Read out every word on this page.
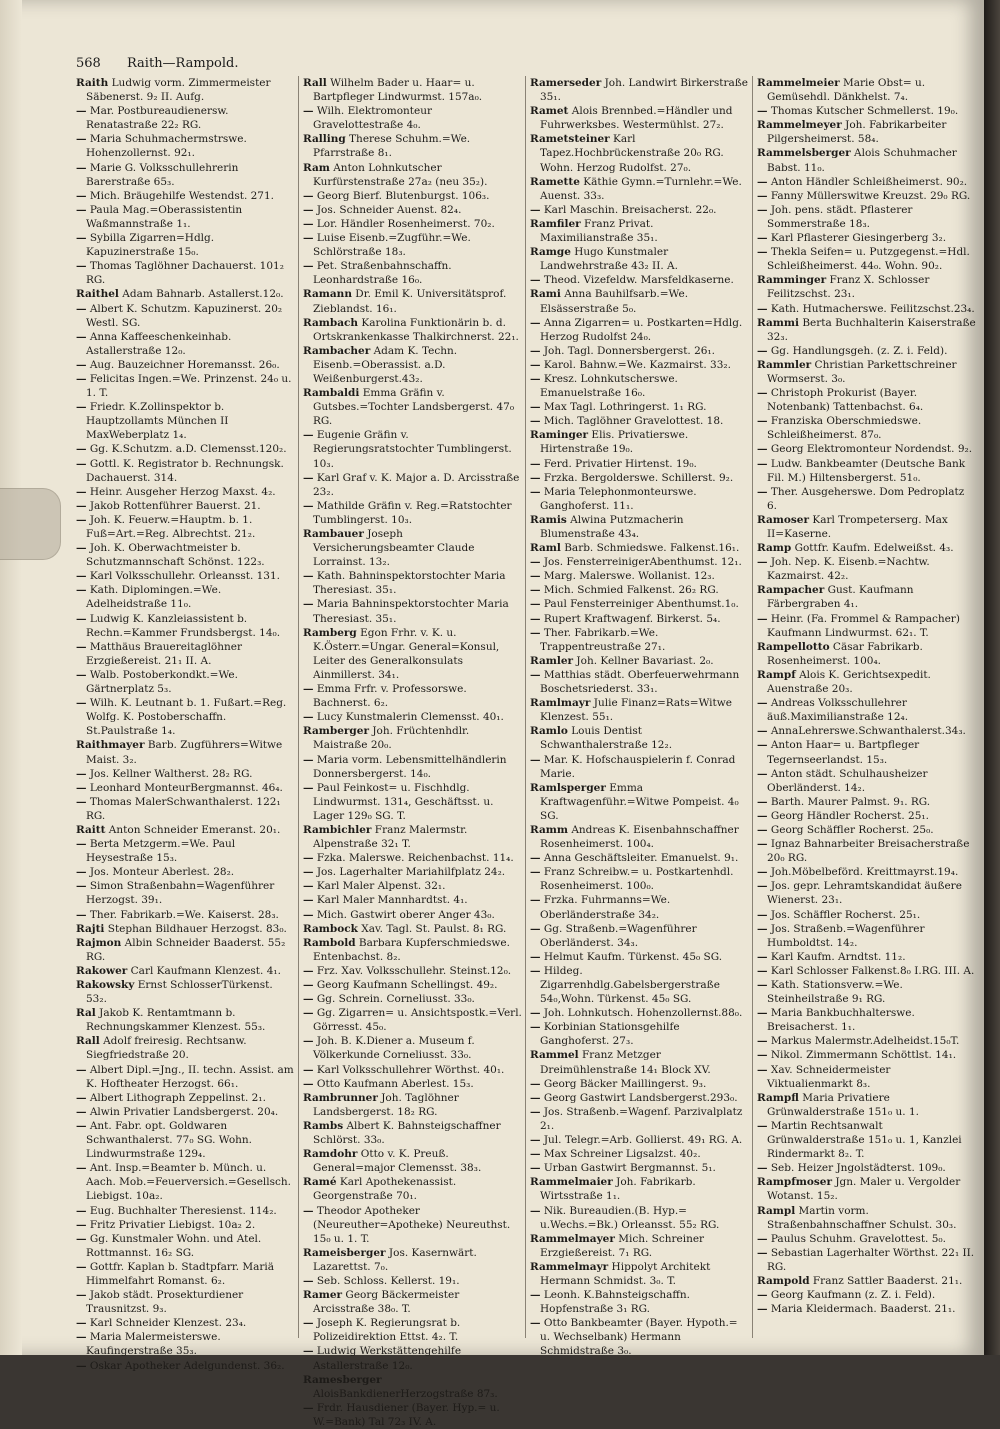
568 Raith—Rampold.
Raith Ludwig vorm. Zimmermeister Säbenerst. 9₂ II. Aufg.
— Mar. Postbureaudienersw. Renatastraße 22₂ RG.
— Maria Schuhmachermstrswe. Hohenzollernst. 92₁.
— Marie G. Volksschullehrerin Barerstraße 65₃.
— Mich. Bräugehilfe Westendst. 271.
— Paula Mag.=Oberassistentin Waßmannstraße 1₁.
— Sybilla Zigarren=Hdlg. Kapuzinerstraße 15₀.
— Thomas Taglöhner Dachauerst. 101₂ RG.
Raithel Adam Bahnarb. Astallerst.12₀.
— Albert K. Schutzm. Kapuzinerst. 20₂ Westl. SG.
— Anna Kaffeeschenkeinhab. Astallerstraße 12₀.
— Aug. Bauzeichner Horemansst. 26₀.
— Felicitas Ingen.=We. Prinzenst. 24₀ u. 1. T.
— Friedr. K.Zollinspektor b. Hauptzollamts München II MaxWeberplatz 1₄.
— Gg. K.Schutzm. a.D. Clemensst.120₂.
— Gottl. K. Registrator b. Rechnungsk. Dachauerst. 314.
— Heinr. Ausgeher Herzog Maxst. 4₂.
— Jakob Rottenführer Bauerst. 21.
— Joh. K. Feuerw.=Hauptm. b. 1. Fuß=Art.=Reg. Albrechtst. 21₂.
— Joh. K. Oberwachtmeister b. Schutzmannschaft Schönst. 122₃.
— Karl Volksschullehr. Orleansst. 131.
— Kath. Diplomingen.=We. Adelheidstraße 11₀.
— Ludwig K. Kanzleiassistent b. Rechn.=Kammer Frundsbergst. 14₀.
— Matthäus Brauereitaglöhner Erzgießereist. 21₁ II. A.
— Walb. Postoberkondkt.=We. Gärtnerplatz 5₃.
— Wilh. K. Leutnant b. 1. Fußart.=Reg. Wolfg. K. Postoberschaffn. St.Paulstraße 1₄.
Raithmayer Barb. Zugführers=Witwe Maist. 3₂.
— Jos. Kellner Waltherst. 28₂ RG.
— Leonhard MonteurBergmannst. 46₄.
— Thomas MalerSchwanthalerst. 122₁ RG.
Raitt Anton Schneider Emeranst. 20₁.
— Berta Metzgerm.=We. Paul Heysestraße 15₃.
— Jos. Monteur Aberlest. 28₂.
— Simon Straßenbahn=Wagenführer Herzogst. 39₁.
— Ther. Fabrikarb.=We. Kaiserst. 28₃.
Rajti Stephan Bildhauer Herzogst. 83₀.
Rajmon Albin Schneider Baaderst. 55₂ RG.
Rakower Carl Kaufmann Klenzest. 4₁.
Rakowsky Ernst SchlosserTürkenst. 53₂.
Ral Jakob K. Rentamtmann b. Rechnungskammer Klenzest. 55₃.
Rall Adolf freiresig. Rechtsanw. Siegfriedstraße 20.
— Albert Dipl.=Jng., II. techn. Assist. am K. Hoftheater Herzogst. 66₁.
— Albert Lithograph Zeppelinst. 2₁.
— Alwin Privatier Landsbergerst. 20₄.
— Ant. Fabr. opt. Goldwaren Schwanthalerst. 77₀ SG. Wohn. Lindwurmstraße 129₄.
— Ant. Insp.=Beamter b. Münch. u. Aach. Mob.=Feuerversich.=Gesellsch. Liebigst. 10a₂.
— Eug. Buchhalter Theresienst. 114₂.
— Fritz Privatier Liebigst. 10a₂ 2.
— Gg. Kunstmaler Wohn. und Atel. Rottmannst. 16₂ SG.
— Gottfr. Kaplan b. Stadtpfarr. Mariä Himmelfahrt Romanst. 6₂.
— Jakob städt. Prosekturdiener Trausnitzst. 9₃.
— Karl Schneider Klenzest. 23₄.
— Maria Malermeisterswe. Kaufingerstraße 35₃.
— Oskar Apotheker Adelgundenst. 36₂.
Rall Wilhelm Bader u. Haar= u. Bartpfleger Lindwurmst. 157a₀.
— Wilh. Elektromonteur Gravelottestraße 4₀.
Ralling Therese Schuhm.=We. Pfarrstraße 8₁.
Ram Anton Lohnkutscher Kurfürstenstraße 27a₂ (neu 35₂).
— Georg Bierf. Blutenburgst. 106₃.
— Jos. Schneider Auenst. 82₄.
— Lor. Händler Rosenheimerst. 70₂.
— Luise Eisenb.=Zugführ.=We. Schlörstraße 18₃.
— Pet. Straßenbahnschaffn. Leonhardstraße 16₀.
Ramann Dr. Emil K. Universitätsprof. Zieblandst. 16₁.
Rambach Karolina Funktionärin b. d. Ortskrankenkasse Thalkirchnerst. 22₁.
Rambacher Adam K. Techn. Eisenb.=Oberassist. a.D. Weißenburgerst.43₂.
Rambaldi Emma Gräfin v. Gutsbes.=Tochter Landsbergerst. 47₀ RG.
— Eugenie Gräfin v. Regierungsratstochter Tumblingerst. 10₃.
— Karl Graf v. K. Major a. D. Arcisstraße 23₂.
— Mathilde Gräfin v. Reg.=Ratstochter Tumblingerst. 10₃.
Rambauer Joseph Versicherungsbeamter Claude Lorrainst. 13₂.
— Kath. Bahninspektorstochter Maria Theresiast. 35₁.
— Maria Bahninspektorstochter Maria Theresiast. 35₁.
Ramberg Egon Frhr. v. K. u. K.Österr.=Ungar. General=Konsul, Leiter des Generalkonsulats Ainmillerst. 34₁.
— Emma Frfr. v. Professorswe. Bachnerst. 6₂.
— Lucy Kunstmalerin Clemensst. 40₁.
Ramberger Joh. Früchtenhdlr. Maistraße 20₀.
— Maria vorm. Lebensmittelhändlerin Donnersbergerst. 14₀.
— Paul Feinkost= u. Fischhdlg. Lindwurmst. 131₄, Geschäftsst. u. Lager 129₀ SG. T.
Rambichler Franz Malermstr. Alpenstraße 32₁ T.
— Fzka. Malerswe. Reichenbachst. 11₄.
— Jos. Lagerhalter Mariahilfplatz 24₂.
— Karl Maler Alpenst. 32₁.
— Karl Maler Mannhardtst. 4₁.
— Mich. Gastwirt oberer Anger 43₀.
Rambock Xav. Tagl. St. Paulst. 8₁ RG.
Rambold Barbara Kupferschmiedswe. Entenbachst. 8₂.
— Frz. Xav. Volksschullehr. Steinst.12₀.
— Georg Kaufmann Schellingst. 49₂.
— Gg. Schrein. Corneliusst. 33₀.
— Gg. Zigarren= u. Ansichtspostk.=Verl. Görresst. 45₀.
— Joh. B. K.Diener a. Museum f. Völkerkunde Corneliusst. 33₀.
— Karl Volksschullehrer Wörthst. 40₁.
— Otto Kaufmann Aberlest. 15₃.
Rambrunner Joh. Taglöhner Landsbergerst. 18₂ RG.
Rambs Albert K. Bahnsteigschaffner Schlörst. 33₀.
Ramdohr Otto v. K. Preuß. General=major Clemensst. 38₃.
Ramé Karl Apothekenassist. Georgenstraße 70₁.
— Theodor Apotheker (Neureuther=Apotheke) Neureuthst. 15₀ u. 1. T.
Rameisberger Jos. Kasernwärt. Lazarettst. 7₀.
— Seb. Schloss. Kellerst. 19₁.
Ramer Georg Bäckermeister Arcisstraße 38₀. T.
— Joseph K. Regierungsrat b. Polizeidirektion Ettst. 4₂. T.
— Ludwig Werkstättengehilfe Astallerstraße 12₀.
Ramesberger AloisBankdienerHerzogstraße 87₃.
— Frdr. Hausdiener (Bayer. Hyp.= u. W.=Bank) Tal 72₃ IV. A.
Ramerseder Joh. Landwirt Birkerstraße 35₁.
Ramet Alois Brennbed.=Händler und Fuhrwerksbes. Westermühlst. 27₂.
Rametsteiner Karl Tapez.Hochbrückenstraße 20₀ RG. Wohn. Herzog Rudolfst. 27₀.
Ramette Käthie Gymn.=Turnlehr.=We. Auenst. 33₃.
— Karl Maschin. Breisacherst. 22₀.
Ramfiler Franz Privat. Maximilianstraße 35₁.
Ramge Hugo Kunstmaler Landwehrstraße 43₂ II. A.
— Theod. Vizefeldw. Marsfeldkaserne.
Rami Anna Bauhilfsarb.=We. Elsässerstraße 5₀.
— Anna Zigarren= u. Postkarten=Hdlg. Herzog Rudolfst 24₀.
— Joh. Tagl. Donnersbergerst. 26₁.
— Karol. Bahnw.=We. Kazmairst. 33₂.
— Kresz. Lohnkutscherswe. Emanuelstraße 16₀.
— Max Tagl. Lothringerst. 1₁ RG.
— Mich. Taglöhner Gravelottest. 18.
Raminger Elis. Privatierswe. Hirtenstraße 19₀.
— Ferd. Privatier Hirtenst. 19₀.
— Frzka. Bergolderswe. Schillerst. 9₂.
— Maria Telephonmonteurswe. Ganghoferst. 11₁.
Ramis Alwina Putzmacherin Blumenstraße 43₄.
Raml Barb. Schmiedswe. Falkenst.16₁.
— Jos. FensterreinigerAbenthumst. 12₁.
— Marg. Malerswe. Wollanist. 12₃.
— Mich. Schmied Falkenst. 26₂ RG.
— Paul Fensterreiniger Abenthumst.1₀.
— Rupert Kraftwagenf. Birkerst. 5₄.
— Ther. Fabrikarb.=We. Trappentreustraße 27₁.
Ramler Joh. Kellner Bavariast. 2₀.
— Matthias städt. Oberfeuerwehrmann Boschetsriederst. 33₁.
Ramlmayr Julie Finanz=Rats=Witwe Klenzest. 55₁.
Ramlo Louis Dentist Schwanthalerstraße 12₂.
— Mar. K. Hofschauspielerin f. Conrad Marie.
Ramlsperger Emma Kraftwagenführ.=Witwe Pompeist. 4₀ SG.
Ramm Andreas K. Eisenbahnschaffner Rosenheimerst. 100₄.
— Anna Geschäftsleiter. Emanuelst. 9₁.
— Franz Schreibw.= u. Postkartenhdl. Rosenheimerst. 100₀.
— Frzka. Fuhrmanns=We. Oberländerstraße 34₂.
— Gg. Straßenb.=Wagenführer Oberländerst. 34₃.
— Helmut Kaufm. Türkenst. 45₀ SG.
— Hildeg. Zigarrenhdlg.Gabelsbergerstraße 54₀,Wohn. Türkenst. 45₀ SG.
— Joh. Lohnkutsch. Hohenzollernst.88₀.
— Korbinian Stationsgehilfe Ganghoferst. 27₃.
Rammel Franz Metzger Dreimühlenstraße 14₁ Block XV.
— Georg Bäcker Maillingerst. 9₃.
— Georg Gastwirt Landsbergerst.293₀.
— Jos. Straßenb.=Wagenf. Parzivalplatz 2₁.
— Jul. Telegr.=Arb. Gollierst. 49₁ RG. A.
— Max Schreiner Ligsalzst. 40₂.
— Urban Gastwirt Bergmannst. 5₁.
Rammelmaier Joh. Fabrikarb. Wirtsstraße 1₁.
— Nik. Bureaudien.(B. Hyp.= u.Wechs.=Bk.) Orleansst. 55₂ RG.
Rammelmayer Mich. Schreiner Erzgießereist. 7₁ RG.
Rammelmayr Hippolyt Architekt Hermann Schmidst. 3₀. T.
— Leonh. K.Bahnsteigschaffn. Hopfenstraße 3₁ RG.
— Otto Bankbeamter (Bayer. Hypoth.= u. Wechselbank) Hermann Schmidstraße 3₀.
Rammelmeier Marie Obst= u. Gemüsehdl. Dänkhelst. 7₄.
— Thomas Kutscher Schmellerst. 19₀.
Rammelmeyer Joh. Fabrikarbeiter Pilgersheimerst. 58₄.
Rammelsberger Alois Schuhmacher Babst. 11₀.
— Anton Händler Schleißheimerst. 90₂.
— Fanny Müllerswitwe Kreuzst. 29₀ RG.
— Joh. pens. städt. Pflasterer Sommerstraße 18₃.
— Karl Pflasterer Giesingerberg 3₂.
— Thekla Seifen= u. Putzgegenst.=Hdl. Schleißheimerst. 44₀. Wohn. 90₂.
Ramminger Franz X. Schlosser Feilitzschst. 23₁.
— Kath. Hutmacherswe. Feilitzschst.23₄.
Rammi Berta Buchhalterin Kaiserstraße 32₃.
— Gg. Handlungsgeh. (z. Z. i. Feld).
Rammler Christian Parkettschreiner Wormserst. 3₀.
— Christoph Prokurist (Bayer. Notenbank) Tattenbachst. 6₄.
— Franziska Oberschmiedswe. Schleißheimerst. 87₀.
— Georg Elektromonteur Nordendst. 9₂.
— Ludw. Bankbeamter (Deutsche Bank Fil. M.) Hiltensbergerst. 51₀.
— Ther. Ausgeherswe. Dom Pedroplatz 6.
Ramoser Karl Trompeterserg. Max II=Kaserne.
Ramp Gottfr. Kaufm. Edelweißst. 4₃.
— Joh. Nep. K. Eisenb.=Nachtw. Kazmairst. 42₂.
Rampacher Gust. Kaufmann Färbergraben 4₁.
— Heinr. (Fa. Frommel & Rampacher) Kaufmann Lindwurmst. 62₁. T.
Rampellotto Cäsar Fabrikarb. Rosenheimerst. 100₄.
Rampf Alois K. Gerichtsexpedit. Auenstraße 20₃.
— Andreas Volksschullehrer äuß.Maximilianstraße 12₄.
— AnnaLehrerswe.Schwanthalerst.34₃.
— Anton Haar= u. Bartpfleger Tegernseerlandst. 15₃.
— Anton städt. Schulhausheizer Oberländerst. 14₂.
— Barth. Maurer Palmst. 9₁. RG.
— Georg Händler Rocherst. 25₁.
— Georg Schäffler Rocherst. 25₀.
— Ignaz Bahnarbeiter Breisacherstraße 20₀ RG.
— Joh.Möbelbeförd. Kreittmayrst.19₄.
— Jos. gepr. Lehramtskandidat äußere Wienerst. 23₁.
— Jos. Schäffler Rocherst. 25₁.
— Jos. Straßenb.=Wagenführer Humboldtst. 14₂.
— Karl Kaufm. Arndtst. 11₂.
— Karl Schlosser Falkenst.8₀ I.RG. III. A.
— Kath. Stationsverw.=We. Steinheilstraße 9₁ RG.
— Maria Bankbuchhalterswe. Breisacherst. 1₁.
— Markus Malermstr.Adelheidst.15₀T.
— Nikol. Zimmermann Schöttlst. 14₁.
— Xav. Schneidermeister Viktualienmarkt 8₃.
Rampfl Maria Privatiere Grünwalderstraße 151₀ u. 1.
— Martin Rechtsanwalt Grünwalderstraße 151₀ u. 1, Kanzlei Rindermarkt 8₂. T.
— Seb. Heizer Jngolstädterst. 109₀.
Rampfmoser Jgn. Maler u. Vergolder Wotanst. 15₂.
Rampl Martin vorm. Straßenbahnschaffner Schulst. 30₃.
— Paulus Schuhm. Gravelottest. 5₀.
— Sebastian Lagerhalter Wörthst. 22₁ II. RG.
Rampold Franz Sattler Baaderst. 21₁.
— Georg Kaufmann (z. Z. i. Feld).
— Maria Kleidermach. Baaderst. 21₁.
